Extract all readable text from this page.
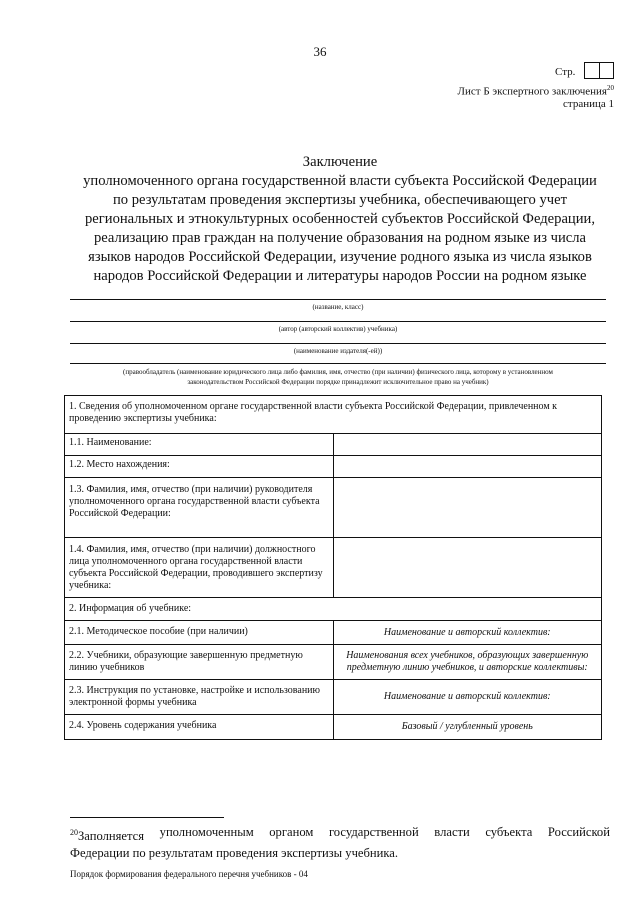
36
Стр.
Лист Б экспертного заключения$^{20}$
страница 1
Заключение
уполномоченного органа государственной власти субъекта Российской Федерации
по результатам проведения экспертизы учебника, обеспечивающего учет
региональных и этнокультурных особенностей субъектов Российской Федерации,
реализацию прав граждан на получение образования на родном языке из числа
языков народов Российской Федерации, изучение родного языка из числа языков
народов Российской Федерации и литературы народов России на родном языке
(название, класс)
(автор (авторский коллектив) учебника)
(наименование издателя(-ей))
(правообладатель (наименование юридического лица либо фамилия, имя, отчество (при наличии) физического лица, которому в установленном
законодательством Российской Федерации порядке принадлежит исключительное право на учебник)
1. Сведения об уполномоченном органе государственной власти субъекта Российской Федерации, привлеченном к проведению экспертизы учебника:	
1.1. Наименование:	
1.2. Место нахождения:	
1.3. Фамилия, имя, отчество (при наличии) руководителя уполномоченного органа государственной власти субъекта Российской Федерации:	
1.4. Фамилия, имя, отчество (при наличии) должностного лица уполномоченного органа государственной власти субъекта Российской Федерации, проводившего экспертизу учебника:	
2. Информация об учебнике:	
2.1. Методическое пособие (при наличии)	Наименование и авторский коллектив:
2.2. Учебники, образующие завершенную предметную линию учебников	Наименования всех учебников, образующих завершенную предметную линию учебников, и авторские коллективы:
2.3. Инструкция по установке, настройке и использованию электронной формы учебника	Наименование и авторский коллектив:
2.4. Уровень содержания учебника	Базовый / углубленный уровень
$^{20}$Заполняется уполномоченным органом государственной власти субъекта Российской
Федерации по результатам проведения экспертизы учебника.
Порядок формирования федерального перечня учебников - 04
